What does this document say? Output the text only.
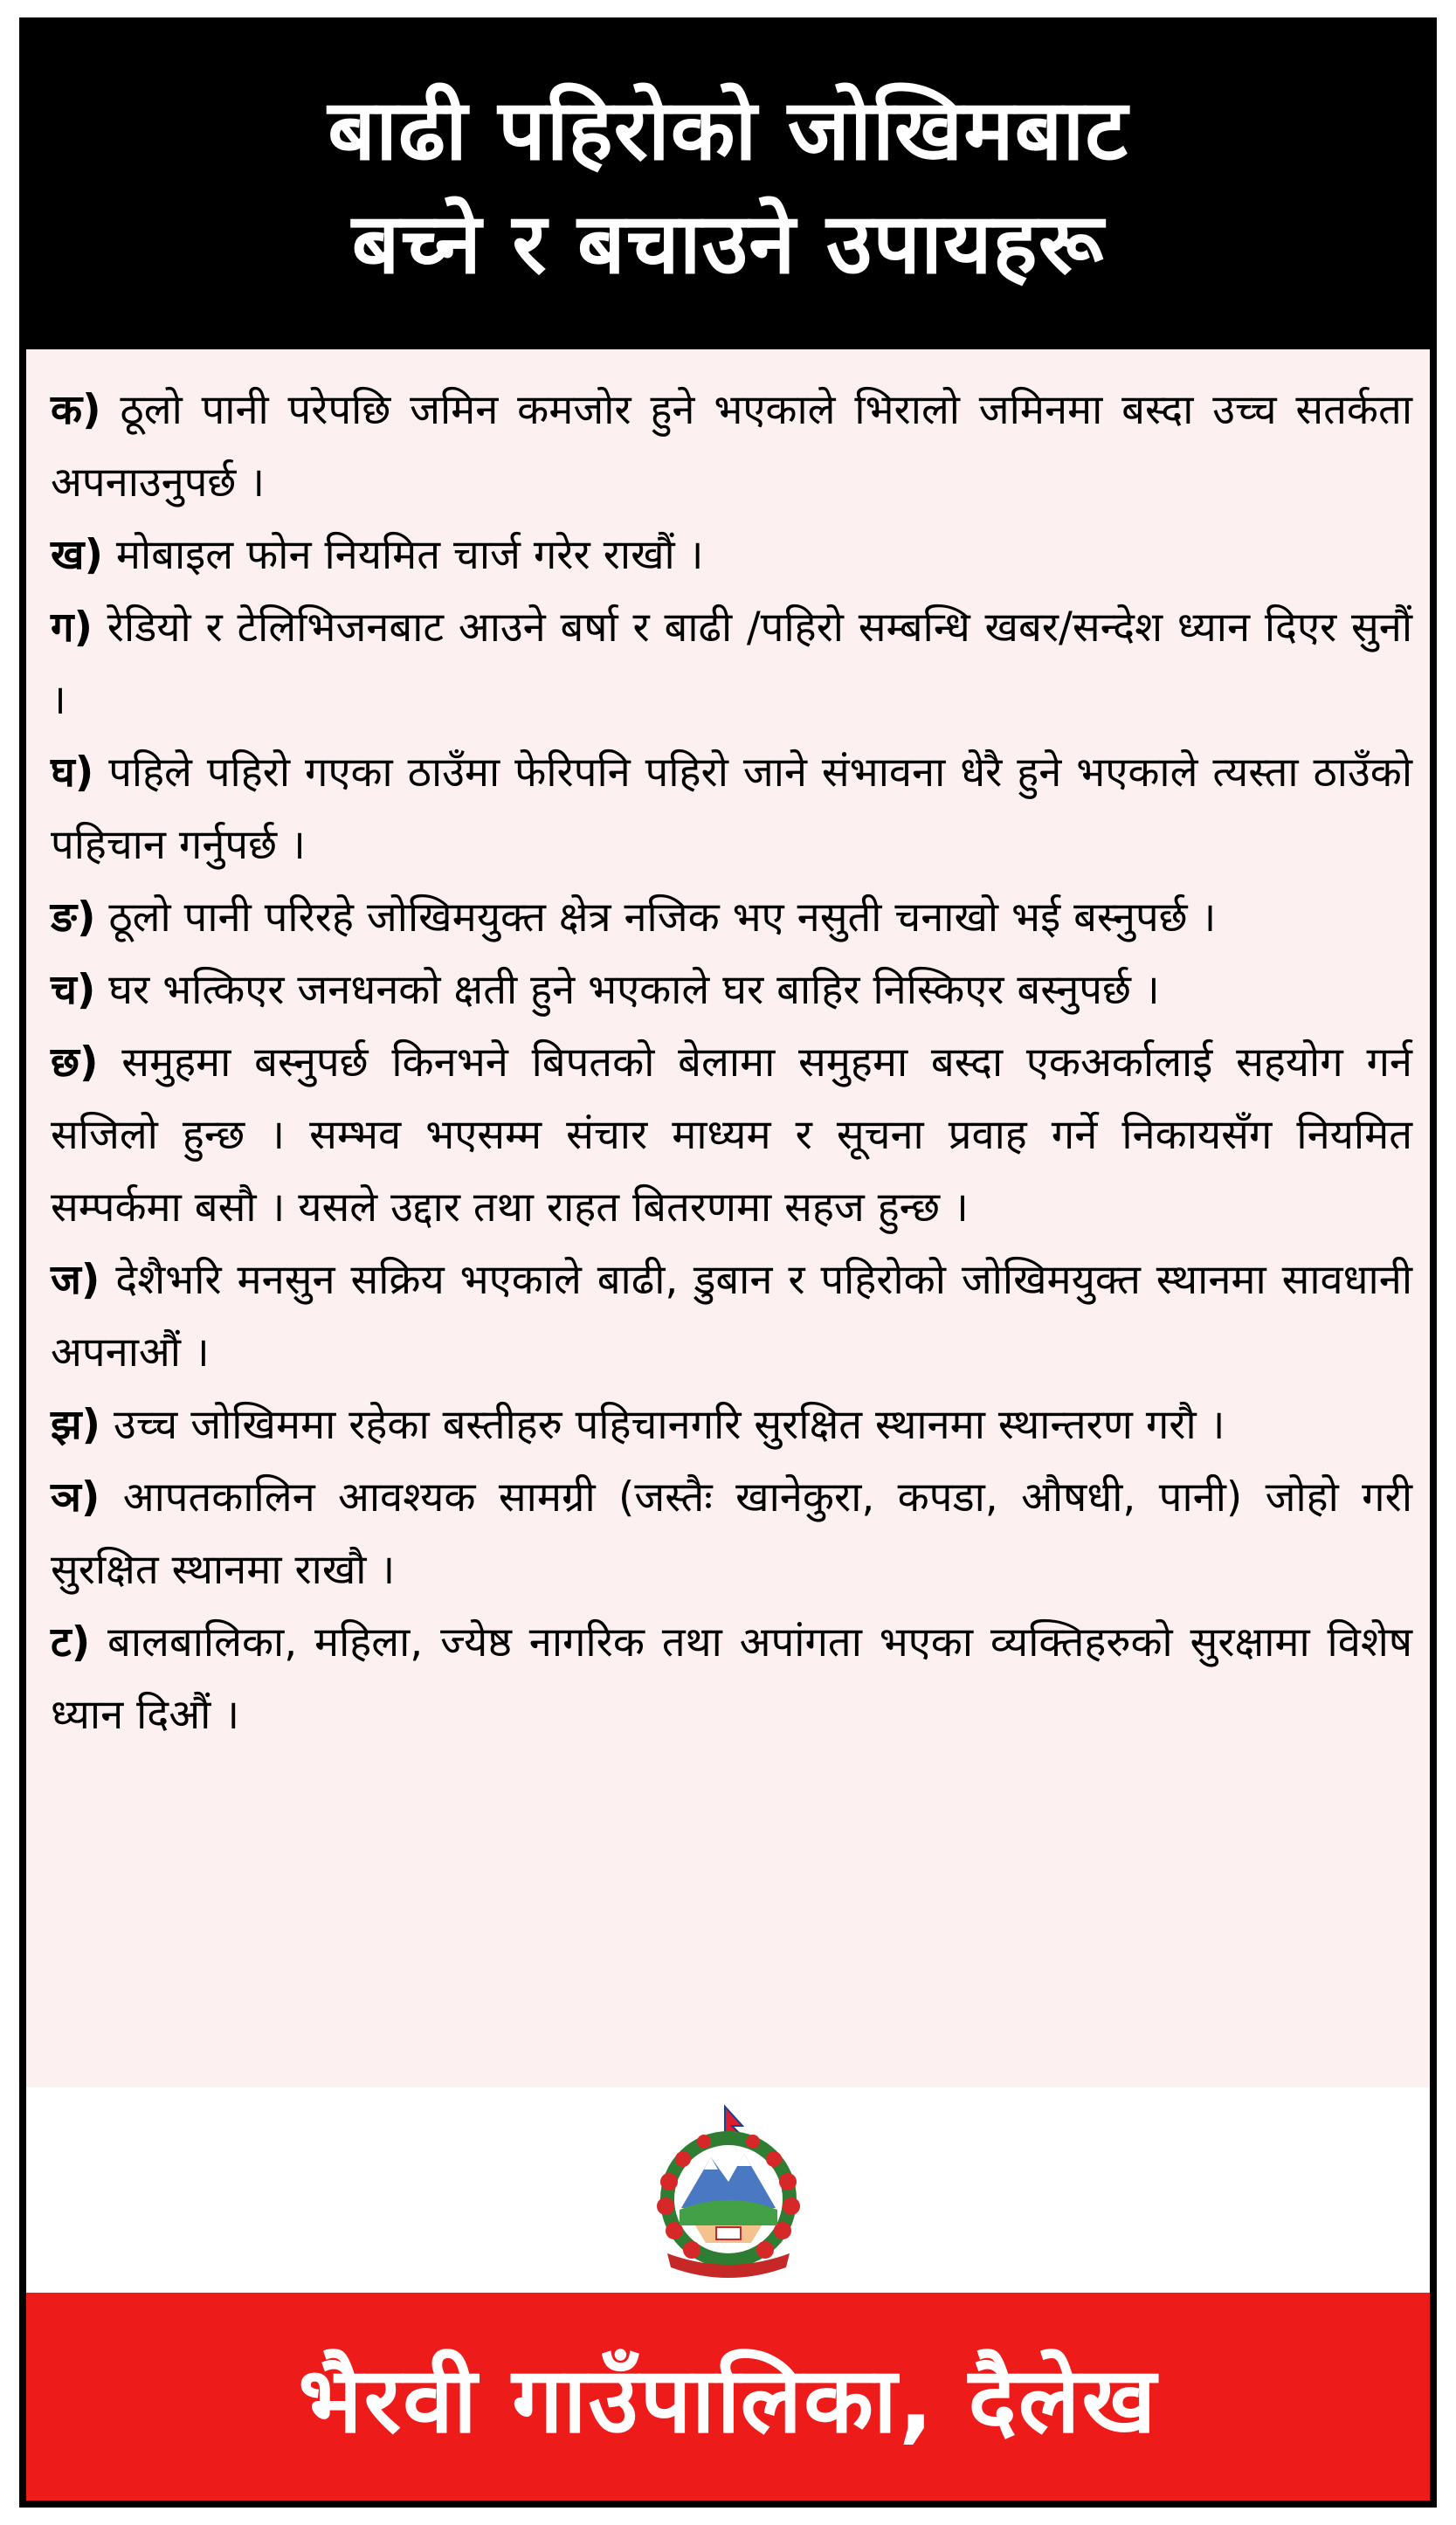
बाढी पहिरोको जोखिमबाट
बच्ने र बचाउने उपायहरू

क) ठूलो पानी परेपछि जमिन कमजोर हुने भएकाले भिरालो जमिनमा बस्दा उच्च सतर्कता अपनाउनुपर्छ ।

ख) मोबाइल फोन नियमित चार्ज गरेर राखौं ।

ग) रेडियो र टेलिभिजनबाट आउने बर्षा र बाढी /पहिरो सम्बन्धि खबर/सन्देश ध्यान दिएर सुनौं ।

घ) पहिले पहिरो गएका ठाउँमा फेरिपनि पहिरो जाने संभावना धेरै हुने भएकाले त्यस्ता ठाउँको पहिचान गर्नुपर्छ ।

ङ) ठूलो पानी परिरहे जोखिमयुक्त क्षेत्र नजिक भए नसुती चनाखो भई बस्नुपर्छ ।

च) घर भत्किएर जनधनको क्षती हुने भएकाले घर बाहिर निस्किएर बस्नुपर्छ ।

छ) समुहमा बस्नुपर्छ किनभने बिपतको बेलामा समुहमा बस्दा एकअर्कालाई सहयोग गर्न सजिलो हुन्छ । सम्भव भएसम्म संचार माध्यम र सूचना प्रवाह गर्ने निकायसँग नियमित सम्पर्कमा बसौ । यसले उद्दार तथा राहत बितरणमा सहज हुन्छ ।

ज) देशैभरि मनसुन सक्रिय भएकाले बाढी, डुबान र पहिरोको जोखिमयुक्त स्थानमा सावधानी अपनाऔं ।

झ) उच्च जोखिममा रहेका बस्तीहरु पहिचानगरि सुरक्षित स्थानमा स्थान्तरण गरौ ।

ञ) आपतकालिन आवश्यक सामग्री (जस्तैः खानेकुरा, कपडा, औषधी, पानी) जोहो गरी सुरक्षित स्थानमा राखौ ।

ट) बालबालिका, महिला, ज्येष्ठ नागरिक तथा अपांगता भएका व्यक्तिहरुको सुरक्षामा विशेष ध्यान दिऔं ।

भैरवी गाउँपालिका, दैलेख
